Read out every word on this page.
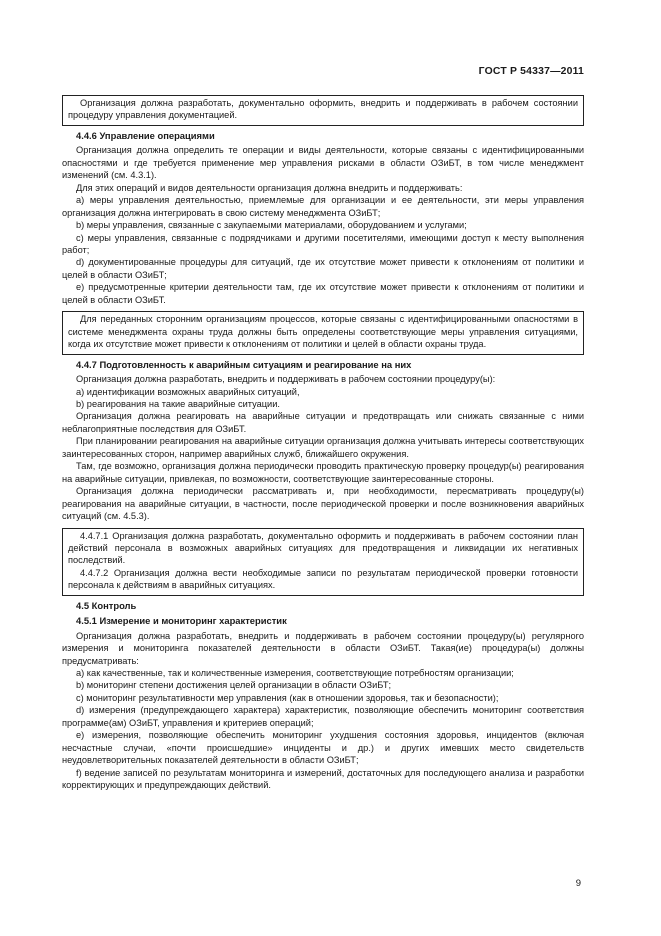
ГОСТ Р 54337—2011

Организация должна разработать, документально оформить, внедрить и поддерживать в рабочем состоянии процедуру управления документацией.

4.4.6 Управление операциями

Организация должна определить те операции и виды деятельности, которые связаны с идентифицированными опасностями и где требуется применение мер управления рисками в области ОЗиБТ, в том числе менеджмент изменений (см. 4.3.1).

Для этих операций и видов деятельности организация должна внедрить и поддерживать:

a) меры управления деятельностью, приемлемые для организации и ее деятельности, эти меры управления организация должна интегрировать в свою систему менеджмента ОЗиБТ;

b) меры управления, связанные с закупаемыми материалами, оборудованием и услугами;

c) меры управления, связанные с подрядчиками и другими посетителями, имеющими доступ к месту выполнения работ;

d) документированные процедуры для ситуаций, где их отсутствие может привести к отклонениям от политики и целей в области ОЗиБТ;

e) предусмотренные критерии деятельности там, где их отсутствие может привести к отклонениям от политики и целей в области ОЗиБТ.

Для переданных сторонним организациям процессов, которые связаны с идентифицированными опасностями в системе менеджмента охраны труда должны быть определены соответствующие меры управления ситуациями, когда их отсутствие может привести к отклонениям от политики и целей в области охраны труда.

4.4.7 Подготовленность к аварийным ситуациям и реагирование на них

Организация должна разработать, внедрить и поддерживать в рабочем состоянии процедуру(ы):

a) идентификации возможных аварийных ситуаций,

b) реагирования на такие аварийные ситуации.

Организация должна реагировать на аварийные ситуации и предотвращать или снижать связанные с ними неблагоприятные последствия для ОЗиБТ.

При планировании реагирования на аварийные ситуации организация должна учитывать интересы соответствующих заинтересованных сторон, например аварийных служб, ближайшего окружения.

Там, где возможно, организация должна периодически проводить практическую проверку процедур(ы) реагирования на аварийные ситуации, привлекая, по возможности, соответствующие заинтересованные стороны.

Организация должна периодически рассматривать и, при необходимости, пересматривать процедуру(ы) реагирования на аварийные ситуации, в частности, после периодической проверки и после возникновения аварийных ситуаций (см. 4.5.3).

4.4.7.1 Организация должна разработать, документально оформить и поддерживать в рабочем состоянии план действий персонала в возможных аварийных ситуациях для предотвращения и ликвидации их негативных последствий.

4.4.7.2 Организация должна вести необходимые записи по результатам периодической проверки готовности персонала к действиям в аварийных ситуациях.

4.5 Контроль
4.5.1 Измерение и мониторинг характеристик

Организация должна разработать, внедрить и поддерживать в рабочем состоянии процедуру(ы) регулярного измерения и мониторинга показателей деятельности в области ОЗиБТ. Такая(ие) процедура(ы) должны предусматривать:

a) как качественные, так и количественные измерения, соответствующие потребностям организации;

b) мониторинг степени достижения целей организации в области ОЗиБТ;

c) мониторинг результативности мер управления (как в отношении здоровья, так и безопасности);

d) измерения (предупреждающего характера) характеристик, позволяющие обеспечить мониторинг соответствия программе(ам) ОЗиБТ, управления и критериев операций;

e) измерения, позволяющие обеспечить мониторинг ухудшения состояния здоровья, инцидентов (включая несчастные случаи, «почти происшедшие» инциденты и др.) и других имевших место свидетельств неудовлетворительных показателей деятельности в области ОЗиБТ;

f) ведение записей по результатам мониторинга и измерений, достаточных для последующего анализа и разработки корректирующих и предупреждающих действий.

9
